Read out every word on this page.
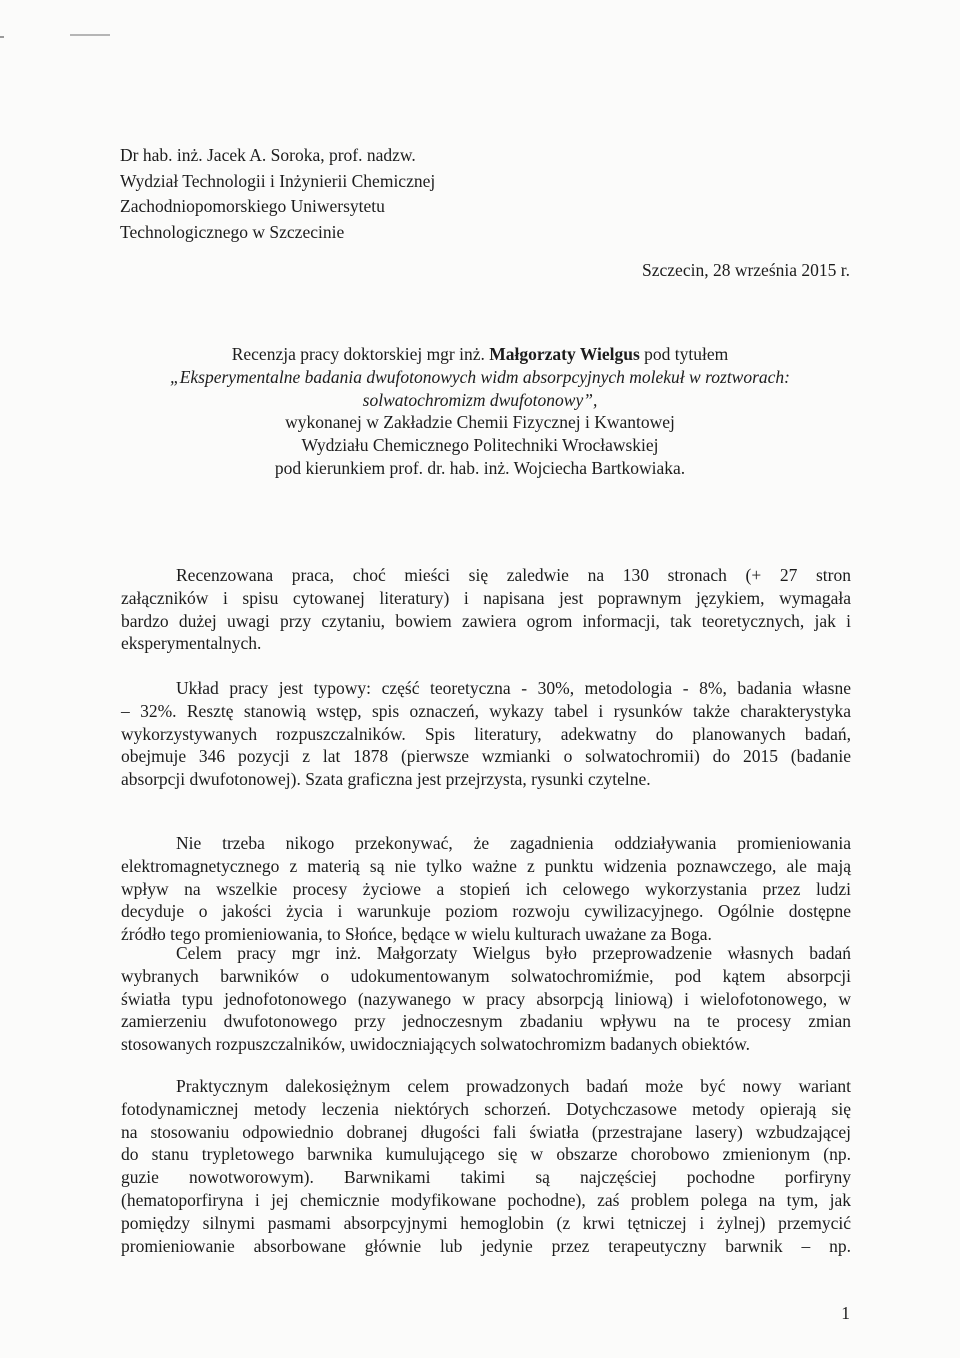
Dr hab. inż. Jacek A. Soroka, prof. nadzw.
Wydział Technologii i Inżynierii Chemicznej
Zachodniopomorskiego Uniwersytetu
Technologicznego w Szczecinie
Szczecin, 28 września 2015 r.
Recenzja pracy doktorskiej mgr inż. Małgorzaty Wielgus pod tytułem
„Eksperymentalne badania dwufotonowych widm absorpcyjnych molekuł w roztworach:
solwatochromizm dwufotonowy”,
wykonanej w Zakładzie Chemii Fizycznej i Kwantowej
Wydziału Chemicznego Politechniki Wrocławskiej
pod kierunkiem prof. dr. hab. inż. Wojciecha Bartkowiaka.
Recenzowana praca, choć mieści się zaledwie na 130 stronach (+ 27 stron
załączników i spisu cytowanej literatury) i napisana jest poprawnym językiem, wymagała
bardzo dużej uwagi przy czytaniu, bowiem zawiera ogrom informacji, tak teoretycznych, jak i
eksperymentalnych.
Układ pracy jest typowy: część teoretyczna - 30%, metodologia - 8%, badania własne
– 32%. Resztę stanowią wstęp, spis oznaczeń, wykazy tabel i rysunków także charakterystyka
wykorzystywanych rozpuszczalników. Spis literatury, adekwatny do planowanych badań,
obejmuje 346 pozycji z lat 1878 (pierwsze wzmianki o solwatochromii) do 2015 (badanie
absorpcji dwufotonowej). Szata graficzna jest przejrzysta, rysunki czytelne.
Nie trzeba nikogo przekonywać, że zagadnienia oddziaływania promieniowania
elektromagnetycznego z materią są nie tylko ważne z punktu widzenia poznawczego, ale mają
wpływ na wszelkie procesy życiowe a stopień ich celowego wykorzystania przez ludzi
decyduje o jakości życia i warunkuje poziom rozwoju cywilizacyjnego. Ogólnie dostępne
źródło tego promieniowania, to Słońce, będące w wielu kulturach uważane za Boga.
Celem pracy mgr inż. Małgorzaty Wielgus było przeprowadzenie własnych badań
wybranych barwników o udokumentowanym solwatochromiźmie, pod kątem absorpcji
światła typu jednofotonowego (nazywanego w pracy absorpcją liniową) i wielofotonowego, w
zamierzeniu dwufotonowego przy jednoczesnym zbadaniu wpływu na te procesy zmian
stosowanych rozpuszczalników, uwidoczniających solwatochromizm badanych obiektów.
Praktycznym dalekosiężnym celem prowadzonych badań może być nowy wariant
fotodynamicznej metody leczenia niektórych schorzeń. Dotychczasowe metody opierają się
na stosowaniu odpowiednio dobranej długości fali światła (przestrajane lasery) wzbudzającej
do stanu trypletowego barwnika kumulującego się w obszarze chorobowo zmienionym (np.
guzie nowotworowym). Barwnikami takimi są najczęściej pochodne porfiryny
(hematoporfiryna i jej chemicznie modyfikowane pochodne), zaś problem polega na tym, jak
pomiędzy silnymi pasmami absorpcyjnymi hemoglobin (z krwi tętniczej i żylnej) przemycić
promieniowanie absorbowane głównie lub jedynie przez terapeutyczny barwnik – np.
1
